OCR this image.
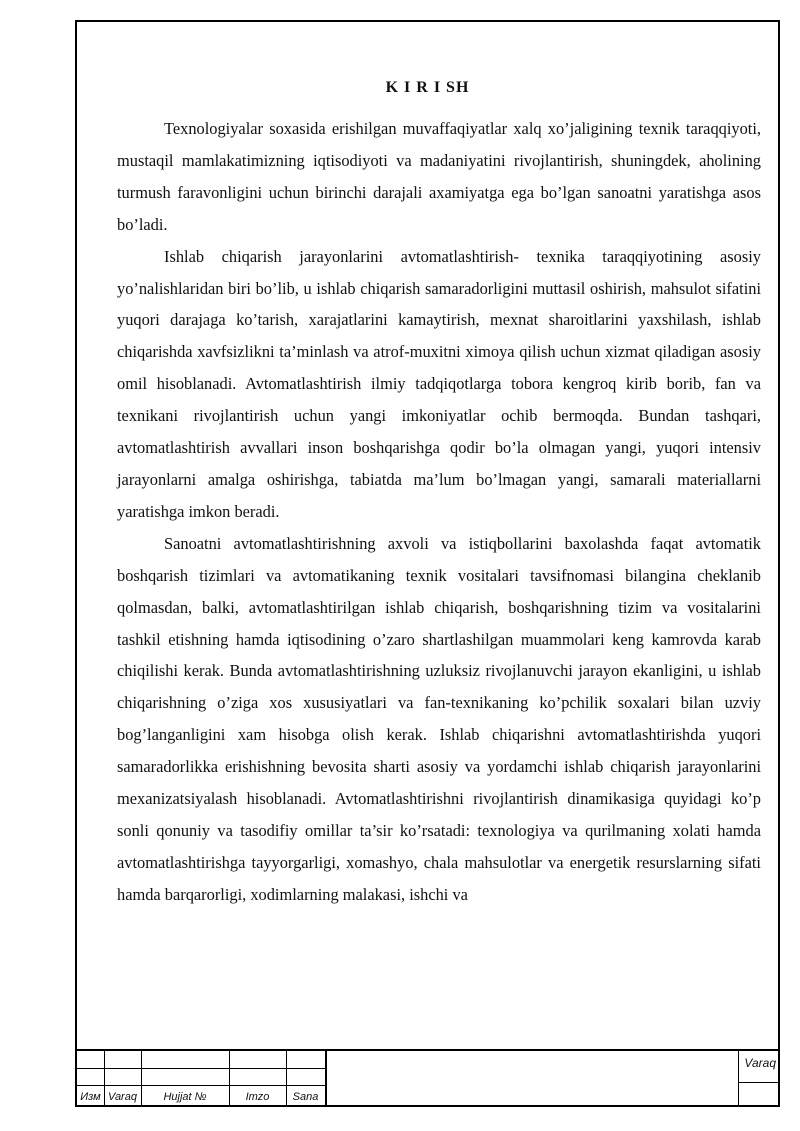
K I R I SH

Texnologiyalar soxasida erishilgan muvaffaqiyatlar xalq xo’jaligining texnik taraqqiyoti, mustaqil mamlakatimizning iqtisodiyoti va madaniyatini rivojlantirish, shuningdek, aholining turmush faravonligini uchun birinchi darajali axamiyatga ega bo’lgan sanoatni yaratishga asos bo’ladi.

Ishlab chiqarish jarayonlarini avtomatlashtirish- texnika taraqqiyotining asosiy yo’nalishlaridan biri bo’lib, u ishlab chiqarish samaradorligini muttasil oshirish, mahsulot sifatini yuqori darajaga ko’tarish, xarajatlarini kamaytirish, mexnat sharoitlarini yaxshilash, ishlab chiqarishda xavfsizlikni ta’minlash va atrof-muxitni ximoya qilish uchun xizmat qiladigan asosiy omil hisoblanadi. Avtomatlashtirish ilmiy tadqiqotlarga tobora kengroq kirib borib, fan va texnikani rivojlantirish uchun yangi imkoniyatlar ochib bermoqda. Bundan tashqari, avtomatlashtirish avvallari inson boshqarishga qodir bo’la olmagan yangi, yuqori intensiv jarayonlarni amalga oshirishga, tabiatda ma’lum bo’lmagan yangi, samarali materiallarni yaratishga imkon beradi.

Sanoatni avtomatlashtirishning axvoli va istiqbollarini baxolashda faqat avtomatik boshqarish tizimlari va avtomatikaning texnik vositalari tavsifnomasi bilangina cheklanib qolmasdan, balki, avtomatlashtirilgan ishlab chiqarish, boshqarishning tizim va vositalarini tashkil etishning hamda iqtisodining o’zaro shartlashilgan muammolari keng kamrovda karab chiqilishi kerak. Bunda avtomatlashtirishning uzluksiz rivojlanuvchi jarayon ekanligini, u ishlab chiqarishning o’ziga xos xususiyatlari va fan-texnikaning ko’pchilik soxalari bilan uzviy bog’langanligini xam hisobga olish kerak. Ishlab chiqarishni avtomatlashtirishda yuqori samaradorlikka erishishning bevosita sharti asosiy va yordamchi ishlab chiqarish jarayonlarini mexanizatsiyalash hisoblanadi. Avtomatlashtirishni rivojlantirish dinamikasiga quyidagi ko’p sonli qonuniy va tasodifiy omillar ta’sir ko’rsatadi: texnologiya va qurilmaning xolati hamda avtomatlashtirishga tayyorgarligi, xomashyo, chala mahsulotlar va energetik resurslarning sifati hamda barqarorligi, xodimlarning malakasi, ishchi va

Изм Varaq	Hujjat №	Imzo	Sana
Varaq
